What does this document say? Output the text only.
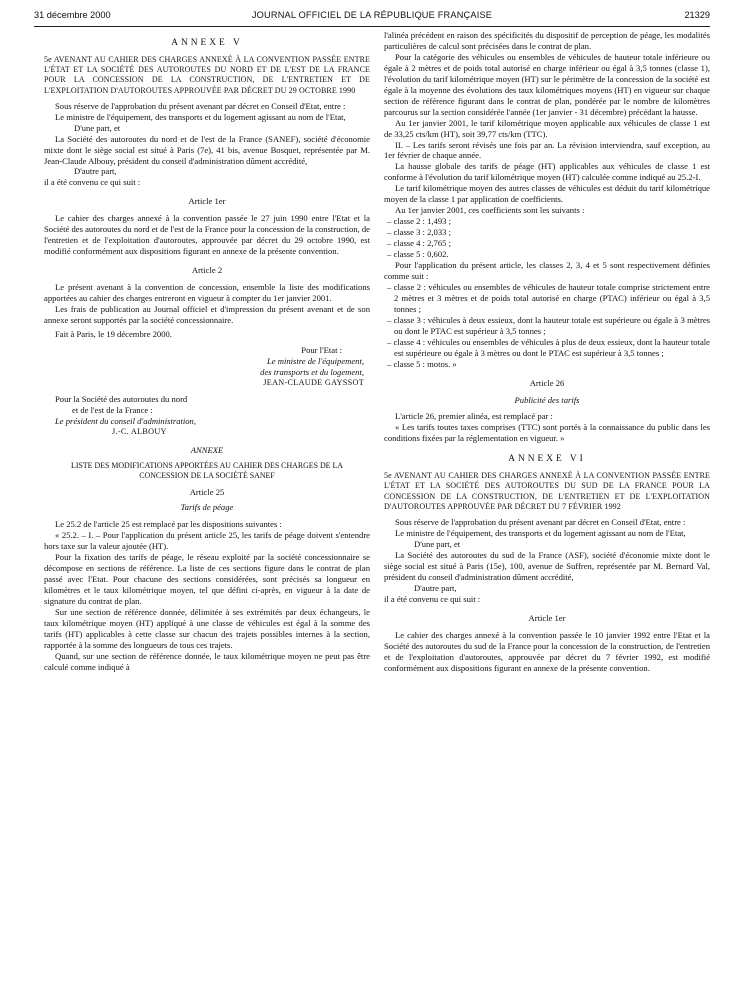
31 décembre 2000	JOURNAL OFFICIEL DE LA RÉPUBLIQUE FRANÇAISE	21329
ANNEXE V

5e AVENANT AU CAHIER DES CHARGES ANNEXÉ À LA CONVENTION PASSÉE ENTRE L'ÉTAT ET LA SOCIÉTÉ DES AUTOROUTES DU NORD ET DE L'EST DE LA FRANCE POUR LA CONCESSION DE LA CONSTRUCTION, DE L'ENTRETIEN ET DE L'EXPLOITATION D'AUTOROUTES APPROUVÉE PAR DÉCRET DU 29 OCTOBRE 1990

Sous réserve de l'approbation du présent avenant par décret en Conseil d'Etat, entre :

Le ministre de l'équipement, des transports et du logement agissant au nom de l'Etat,

D'une part, et

La Société des autoroutes du nord et de l'est de la France (SANEF), société d'économie mixte dont le siège social est situé à Paris (7e), 41 bis, avenue Bosquet, représentée par M. Jean-Claude Albouy, président du conseil d'administration dûment accrédité,

D'autre part,

il a été convenu ce qui suit :

Article 1er

Le cahier des charges annexé à la convention passée le 27 juin 1990 entre l'Etat et la Société des autoroutes du nord et de l'est de la France pour la concession de la construction, de l'entretien et de l'exploitation d'autoroutes, approuvée par décret du 29 octobre 1990, est modifié conformément aux dispositions figurant en annexe de la présente convention.

Article 2

Le présent avenant à la convention de concession, ensemble la liste des modifications apportées au cahier des charges entreront en vigueur à compter du 1er janvier 2001.

Les frais de publication au Journal officiel et d'impression du présent avenant et de son annexe seront supportés par la société concessionnaire.

Fait à Paris, le 19 décembre 2000.

Pour l'Etat :

Le ministre de l'équipement,

des transports et du logement,

JEAN-CLAUDE GAYSSOT

Pour la Société des autoroutes du nord

et de l'est de la France :

Le président du conseil d'administration,

J.-C. ALBOUY

ANNEXE

LISTE DES MODIFICATIONS APPORTÉES AU CAHIER DES CHARGES DE LA CONCESSION DE LA SOCIÉTÉ SANEF

Article 25
Tarifs de péage

Le 25.2 de l'article 25 est remplacé par les dispositions suivantes :

« 25.2. – I. – Pour l'application du présent article 25, les tarifs de péage doivent s'entendre hors taxe sur la valeur ajoutée (HT).

Pour la fixation des tarifs de péage, le réseau exploité par la société concessionnaire se décompose en sections de référence. La liste de ces sections figure dans le contrat de plan passé avec l'Etat. Pour chacune des sections considérées, sont précisés sa longueur en kilomètres et le taux kilométrique moyen, tel que défini ci-après, en vigueur à la date de signature du contrat de plan.

Sur une section de référence donnée, délimitée à ses extrémités par deux échangeurs, le taux kilométrique moyen (HT) appliqué à une classe de véhicules est égal à la somme des tarifs (HT) applicables à cette classe sur chacun des trajets possibles internes à la section, rapportée à la somme des longueurs de tous ces trajets.

Quand, sur une section de référence donnée, le taux kilométrique moyen ne peut pas être calculé comme indiqué à

l'alinéa précédent en raison des spécificités du dispositif de perception de péage, les modalités particulières de calcul sont précisées dans le contrat de plan.

Pour la catégorie des véhicules ou ensembles de véhicules de hauteur totale inférieure ou égale à 2 mètres et de poids total autorisé en charge inférieur ou égal à 3,5 tonnes (classe 1), l'évolution du tarif kilométrique moyen (HT) sur le périmètre de la concession de la société est égale à la moyenne des évolutions des taux kilométriques moyens (HT) en vigueur sur chaque section de référence figurant dans le contrat de plan, pondérée par le nombre de kilomètres parcourus sur la section considérée l'année (1er janvier - 31 décembre) précédant la hausse.

Au 1er janvier 2001, le tarif kilométrique moyen applicable aux véhicules de classe 1 est de 33,25 cts/km (HT), soit 39,77 cts/km (TTC).

II. – Les tarifs seront révisés une fois par an. La révision interviendra, sauf exception, au 1er février de chaque année.

La hausse globale des tarifs de péage (HT) applicables aux véhicules de classe 1 est conforme à l'évolution du tarif kilométrique moyen (HT) calculée comme indiqué au 25.2-I.

Le tarif kilométrique moyen des autres classes de véhicules est déduit du tarif kilométrique moyen de la classe 1 par application de coefficients.

Au 1er janvier 2001, ces coefficients sont les suivants :

– classe 2 : 1,493 ;

– classe 3 : 2,033 ;

– classe 4 : 2,765 ;

– classe 5 : 0,602.

Pour l'application du présent article, les classes 2, 3, 4 et 5 sont respectivement définies comme suit :

– classe 2 : véhicules ou ensembles de véhicules de hauteur totale comprise strictement entre 2 mètres et 3 mètres et de poids total autorisé en charge (PTAC) inférieur ou égal à 3,5 tonnes ;

– classe 3 : véhicules à deux essieux, dont la hauteur totale est supérieure ou égale à 3 mètres ou dont le PTAC est supérieur à 3,5 tonnes ;

– classe 4 : véhicules ou ensembles de véhicules à plus de deux essieux, dont la hauteur totale est supérieure ou égale à 3 mètres ou dont le PTAC est supérieur à 3,5 tonnes ;

– classe 5 : motos. »

Article 26
Publicité des tarifs

L'article 26, premier alinéa, est remplacé par :

« Les tarifs toutes taxes comprises (TTC) sont portés à la connaissance du public dans les conditions fixées par la réglementation en vigueur. »

ANNEXE VI

5e AVENANT AU CAHIER DES CHARGES ANNEXÉ À LA CONVENTION PASSÉE ENTRE L'ÉTAT ET LA SOCIÉTÉ DES AUTOROUTES DU SUD DE LA FRANCE POUR LA CONCESSION DE LA CONSTRUCTION, DE L'ENTRETIEN ET DE L'EXPLOITATION D'AUTOROUTES APPROUVÉE PAR DÉCRET DU 7 FÉVRIER 1992

Sous réserve de l'approbation du présent avenant par décret en Conseil d'Etat, entre :

Le ministre de l'équipement, des transports et du logement agissant au nom de l'Etat,

D'une part, et

La Société des autoroutes du sud de la France (ASF), société d'économie mixte dont le siège social est situé à Paris (15e), 100, avenue de Suffren, représentée par M. Bernard Val, président du conseil d'administration dûment accrédité,

D'autre part,

il a été convenu ce qui suit :

Article 1er

Le cahier des charges annexé à la convention passée le 10 janvier 1992 entre l'Etat et la Société des autoroutes du sud de la France pour la concession de la construction, de l'entretien et de l'exploitation d'autoroutes, approuvée par décret du 7 février 1992, est modifié conformément aux dispositions figurant en annexe de la présente convention.
